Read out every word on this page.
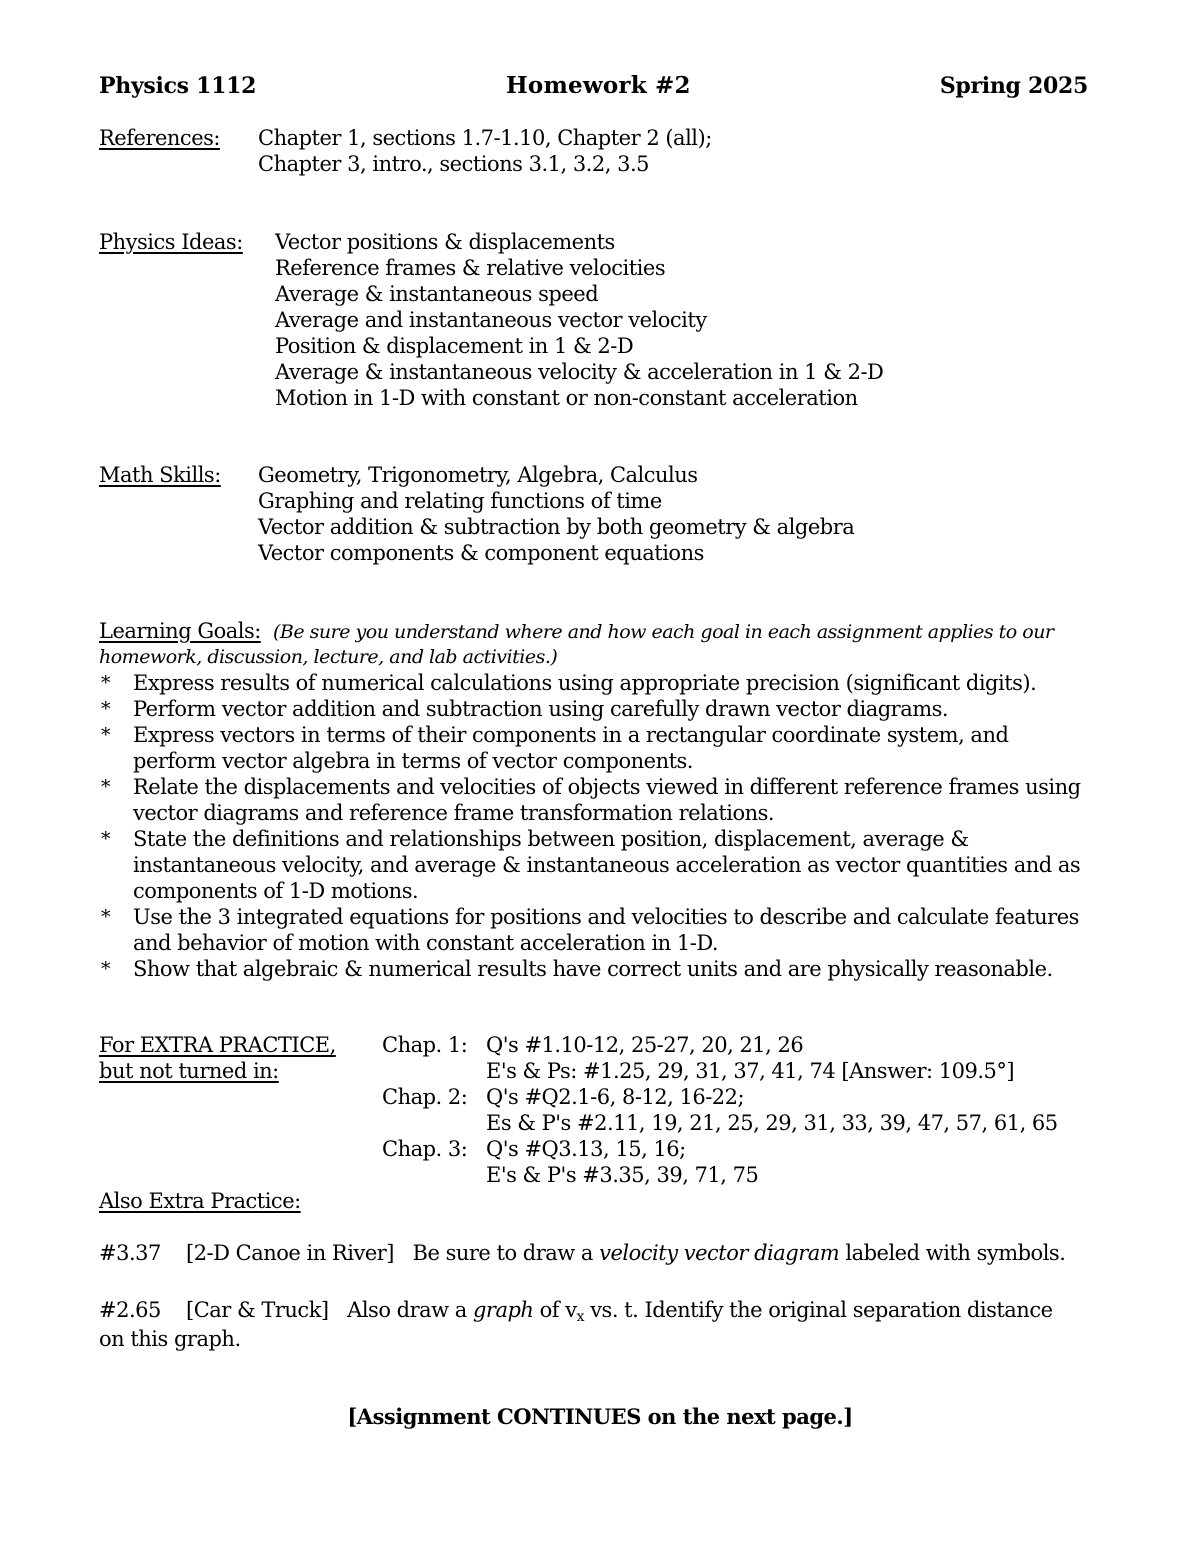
Physics 1112	Homework #2	Spring 2025
References: Chapter 1, sections 1.7-1.10, Chapter 2 (all);
Chapter 3, intro., sections 3.1, 3.2, 3.5
Physics Ideas: Vector positions & displacements
Reference frames & relative velocities
Average & instantaneous speed
Average and instantaneous vector velocity
Position & displacement in 1 & 2-D
Average & instantaneous velocity & acceleration in 1 & 2-D
Motion in 1-D with constant or non-constant acceleration
Math Skills: Geometry, Trigonometry, Algebra, Calculus
Graphing and relating functions of time
Vector addition & subtraction by both geometry & algebra
Vector components & component equations
Learning Goals: (Be sure you understand where and how each goal in each assignment applies to our
homework, discussion, lecture, and lab activities.)
* Express results of numerical calculations using appropriate precision (significant digits).
* Perform vector addition and subtraction using carefully drawn vector diagrams.
* Express vectors in terms of their components in a rectangular coordinate system, and
perform vector algebra in terms of vector components.
* Relate the displacements and velocities of objects viewed in different reference frames using
vector diagrams and reference frame transformation relations.
* State the definitions and relationships between position, displacement, average &
instantaneous velocity, and average & instantaneous acceleration as vector quantities and as
components of 1-D motions.
* Use the 3 integrated equations for positions and velocities to describe and calculate features
and behavior of motion with constant acceleration in 1-D.
* Show that algebraic & numerical results have correct units and are physically reasonable.
For EXTRA PRACTICE,
but not turned in:
Chap. 1: Q's #1.10-12, 25-27, 20, 21, 26
E's & Ps: #1.25, 29, 31, 37, 41, 74 [Answer: 109.5°]
Chap. 2: Q's #Q2.1-6, 8-12, 16-22;
Es & P's #2.11, 19, 21, 25, 29, 31, 33, 39, 47, 57, 61, 65
Chap. 3: Q's #Q3.13, 15, 16;
E's & P's #3.35, 39, 71, 75
Also Extra Practice:
#3.37 [2-D Canoe in River] Be sure to draw a velocity vector diagram labeled with symbols.
#2.65 [Car & Truck] Also draw a graph of $v_x$ vs. t. Identify the original separation distance
on this graph.
[Assignment CONTINUES on the next page.]
